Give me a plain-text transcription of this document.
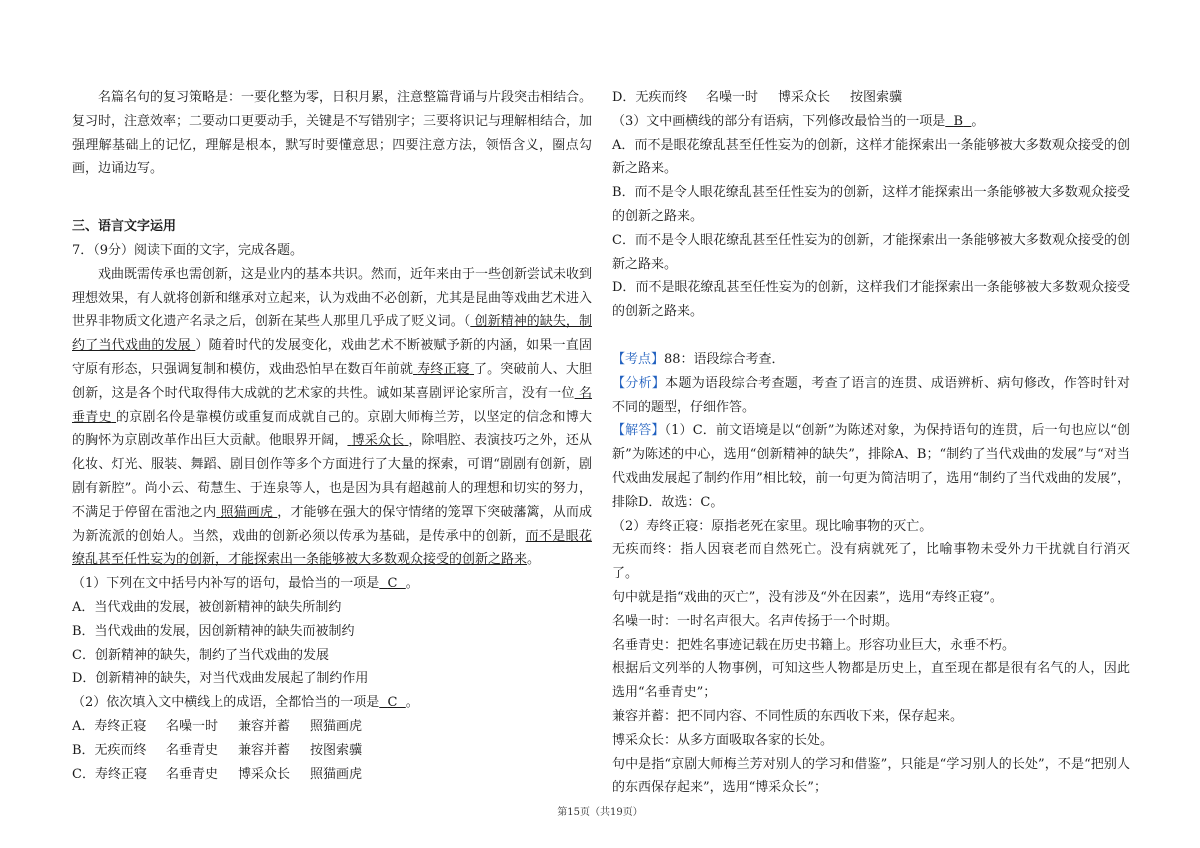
名篇名句的复习策略是：一要化整为零，日积月累，注意整篇背诵与片段突击相结合。复习时，注意效率；二要动口更要动手，关键是不写错别字；三要将识记与理解相结合，加强理解基础上的记忆，理解是根本，默写时要懂意思；四要注意方法，领悟含义，圈点勾画，边诵边写。

三、语言文字运用

7．（9分）阅读下面的文字，完成各题。

戏曲既需传承也需创新，这是业内的基本共识。然而，近年来由于一些创新尝试未收到理想效果，有人就将创新和继承对立起来，认为戏曲不必创新，尤其是昆曲等戏曲艺术进入世界非物质文化遗产名录之后，创新在某些人那里几乎成了贬义词。（ 创新精神的缺失，制约了当代戏曲的发展 ）随着时代的发展变化，戏曲艺术不断被赋予新的内涵，如果一直固守原有形态，只强调复制和模仿，戏曲恐怕早在数百年前就 寿终正寝 了。突破前人、大胆创新，这是各个时代取得伟大成就的艺术家的共性。诚如某喜剧评论家所言，没有一位 名垂青史 的京剧名伶是靠模仿或重复而成就自己的。京剧大师梅兰芳，以坚定的信念和博大的胸怀为京剧改革作出巨大贡献。他眼界开阔， 博采众长 ，除唱腔、表演技巧之外，还从化妆、灯光、服装、舞蹈、剧目创作等多个方面进行了大量的探索，可谓“剧剧有创新，剧剧有新腔”。尚小云、荀慧生、于连泉等人，也是因为具有超越前人的理想和切实的努力，不满足于停留在雷池之内 照猫画虎 ，才能够在强大的保守情绪的笼罩下突破藩篱，从而成为新流派的创始人。当然，戏曲的创新必须以传承为基础，是传承中的创新，而不是眼花缭乱甚至任性妄为的创新，才能探索出一条能够被大多数观众接受的创新之路来。

（1）下列在文中括号内补写的语句，最恰当的一项是 C 。

A．当代戏曲的发展，被创新精神的缺失所制约

B．当代戏曲的发展，因创新精神的缺失而被制约

C．创新精神的缺失，制约了当代戏曲的发展

D．创新精神的缺失，对当代戏曲发展起了制约作用

（2）依次填入文中横线上的成语，全都恰当的一项是 C 。

A．寿终正寝	名噪一时	兼容并蓄	照猫画虎
B．无疾而终	名垂青史	兼容并蓄	按图索骥
C．寿终正寝	名垂青史	博采众长	照猫画虎
D．无疾而终	名噪一时	博采众长	按图索骥

（3）文中画横线的部分有语病，下列修改最恰当的一项是 B 。

A．而不是眼花缭乱甚至任性妄为的创新，这样才能探索出一条能够被大多数观众接受的创新之路来。

B．而不是令人眼花缭乱甚至任性妄为的创新，这样才能探索出一条能够被大多数观众接受的创新之路来。

C．而不是令人眼花缭乱甚至任性妄为的创新，才能探索出一条能够被大多数观众接受的创新之路来。

D．而不是眼花缭乱甚至任性妄为的创新，这样我们才能探索出一条能够被大多数观众接受的创新之路来。

【考点】88：语段综合考查．

【分析】本题为语段综合考查题，考查了语言的连贯、成语辨析、病句修改，作答时针对不同的题型，仔细作答。

【解答】（1）C．前文语境是以“创新”为陈述对象，为保持语句的连贯，后一句也应以“创新”为陈述的中心，选用“创新精神的缺失”，排除A、B；“制约了当代戏曲的发展”与“对当代戏曲发展起了制约作用”相比较，前一句更为简洁明了，选用“制约了当代戏曲的发展”，排除D．故选：C。

（2）寿终正寝：原指老死在家里。现比喻事物的灭亡。

无疾而终：指人因衰老而自然死亡。没有病就死了，比喻事物未受外力干扰就自行消灭了。

句中就是指“戏曲的灭亡”，没有涉及“外在因素”，选用“寿终正寝”。

名噪一时：一时名声很大。名声传扬于一个时期。

名垂青史：把姓名事迹记载在历史书籍上。形容功业巨大，永垂不朽。

根据后文列举的人物事例，可知这些人物都是历史上，直至现在都是很有名气的人，因此选用“名垂青史”；

兼容并蓄：把不同内容、不同性质的东西收下来，保存起来。

博采众长：从多方面吸取各家的长处。

句中是指“京剧大师梅兰芳对别人的学习和借鉴”，只能是“学习别人的长处”，不是“把别人的东西保存起来”，选用“博采众长”；

第15页（共19页）
